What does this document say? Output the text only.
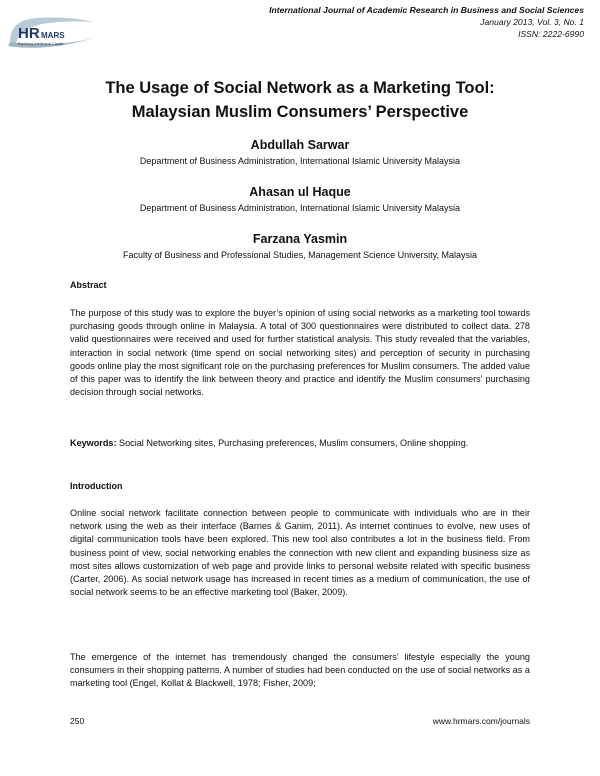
HR MARS
Exploring Intellectual Capital
International Journal of Academic Research in Business and Social Sciences
January 2013, Vol. 3, No. 1
ISSN: 2222-6990
The Usage of Social Network as a Marketing Tool:
Malaysian Muslim Consumers’ Perspective
Abdullah Sarwar
Department of Business Administration, International Islamic University Malaysia
Ahasan ul Haque
Department of Business Administration, International Islamic University Malaysia
Farzana Yasmin
Faculty of Business and Professional Studies, Management Science University, Malaysia
Abstract
The purpose of this study was to explore the buyer’s opinion of using social networks as a marketing tool towards purchasing goods through online in Malaysia. A total of 300 questionnaires were distributed to collect data. 278 valid questionnaires were received and used for further statistical analysis. This study revealed that the variables, interaction in social network (time spend on social networking sites) and perception of security in purchasing goods online play the most significant role on the purchasing preferences for Muslim consumers. The added value of this paper was to identify the link between theory and practice and identify the Muslim consumers’ purchasing decision through social networks.
Keywords: Social Networking sites, Purchasing preferences, Muslim consumers, Online shopping.
Introduction
Online social network facilitate connection between people to communicate with individuals who are in their network using the web as their interface (Barnes & Ganim, 2011). As internet continues to evolve, new uses of digital communication tools have been explored. This new tool also contributes a lot in the business field. From business point of view, social networking enables the connection with new client and expanding business size as most sites allows customization of web page and provide links to personal website related with specific business (Carter, 2006). As social network usage has increased in recent times as a medium of communication, the use of social network seems to be an effective marketing tool (Baker, 2009).
The emergence of the internet has tremendously changed the consumers’ lifestyle especially the young consumers in their shopping patterns. A number of studies had been conducted on the use of social networks as a marketing tool (Engel, Kollat & Blackwell, 1978; Fisher, 2009;
250	www.hrmars.com/journals
